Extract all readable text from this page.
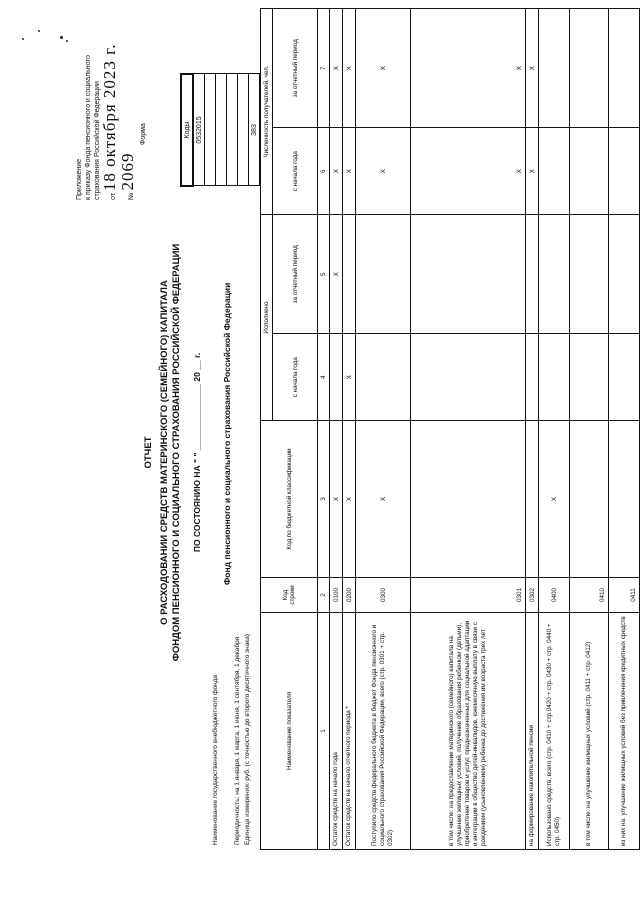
Приложение к приказу Фонда пенсионного и социального страхования Российской Федерации	от 18 октября 2023 г.
№ 2069
Форма
ОТЧЕТ О РАСХОДОВАНИИ СРЕДСТВ МАТЕРИНСКОГО (СЕМЕЙНОГО) КАПИТАЛА ФОНДОМ ПЕНСИОННОГО И СОЦИАЛЬНОГО СТРАХОВАНИЯ РОССИЙСКОЙ ФЕДЕРАЦИИ ПО СОСТОЯНИЮ НА " " ______________ 20 __ г.
Коды
0532015

383
Наименование государственного внебюджетного фонда
Фонд пенсионного и социального страхования Российской Федерации
Периодичность: на 1 января, 1 марта, 1 июня, 1 сентября, 1 декабря Единица измерения: руб. (с точностью до второго десятичного знака)	Наименование показателя	Код строки	Код по бюджетной классификации	Исполнено		Численность получателей, чел.	
			с начала года	за отчетный период	с начала года	за отчетный период
1	2	3	4	5	6	7
Остаток средств на начало года	0100	X		X	X	X
Остаток средств на начало отчетного периода *	0200	X	X		X	X
Поступило средств федерального бюджета в бюджет Фонда пенсионного и социального страхования Российской Федерации, всего (стр. 0301 + стр. 0302)	0300	X			X	X
в том числе: на предоставление материнского (семейного) капитала на улучшение жилищных условий, получение образования ребенком (детьми), приобретение товаров и услуг, предназначенных для социальной адаптации и интеграции в общество детей-инвалидов, ежемесячную выплату в связи с рождением (усыновлением) ребенка до достижения им возраста трех лет	0301				X	X
на формирование накопительной пенсии	0302				X	X
Использовано средств, всего (стр. 0410 + стр.0420 + стр. 0430 + стр. 0440 + стр. 0450)	0400	X				
в том числе: на улучшение жилищных условий (стр. 0411 + стр. 0412)	0410					
из них на: улучшение жилищных условий без привлечения кредитных средств	0411					
